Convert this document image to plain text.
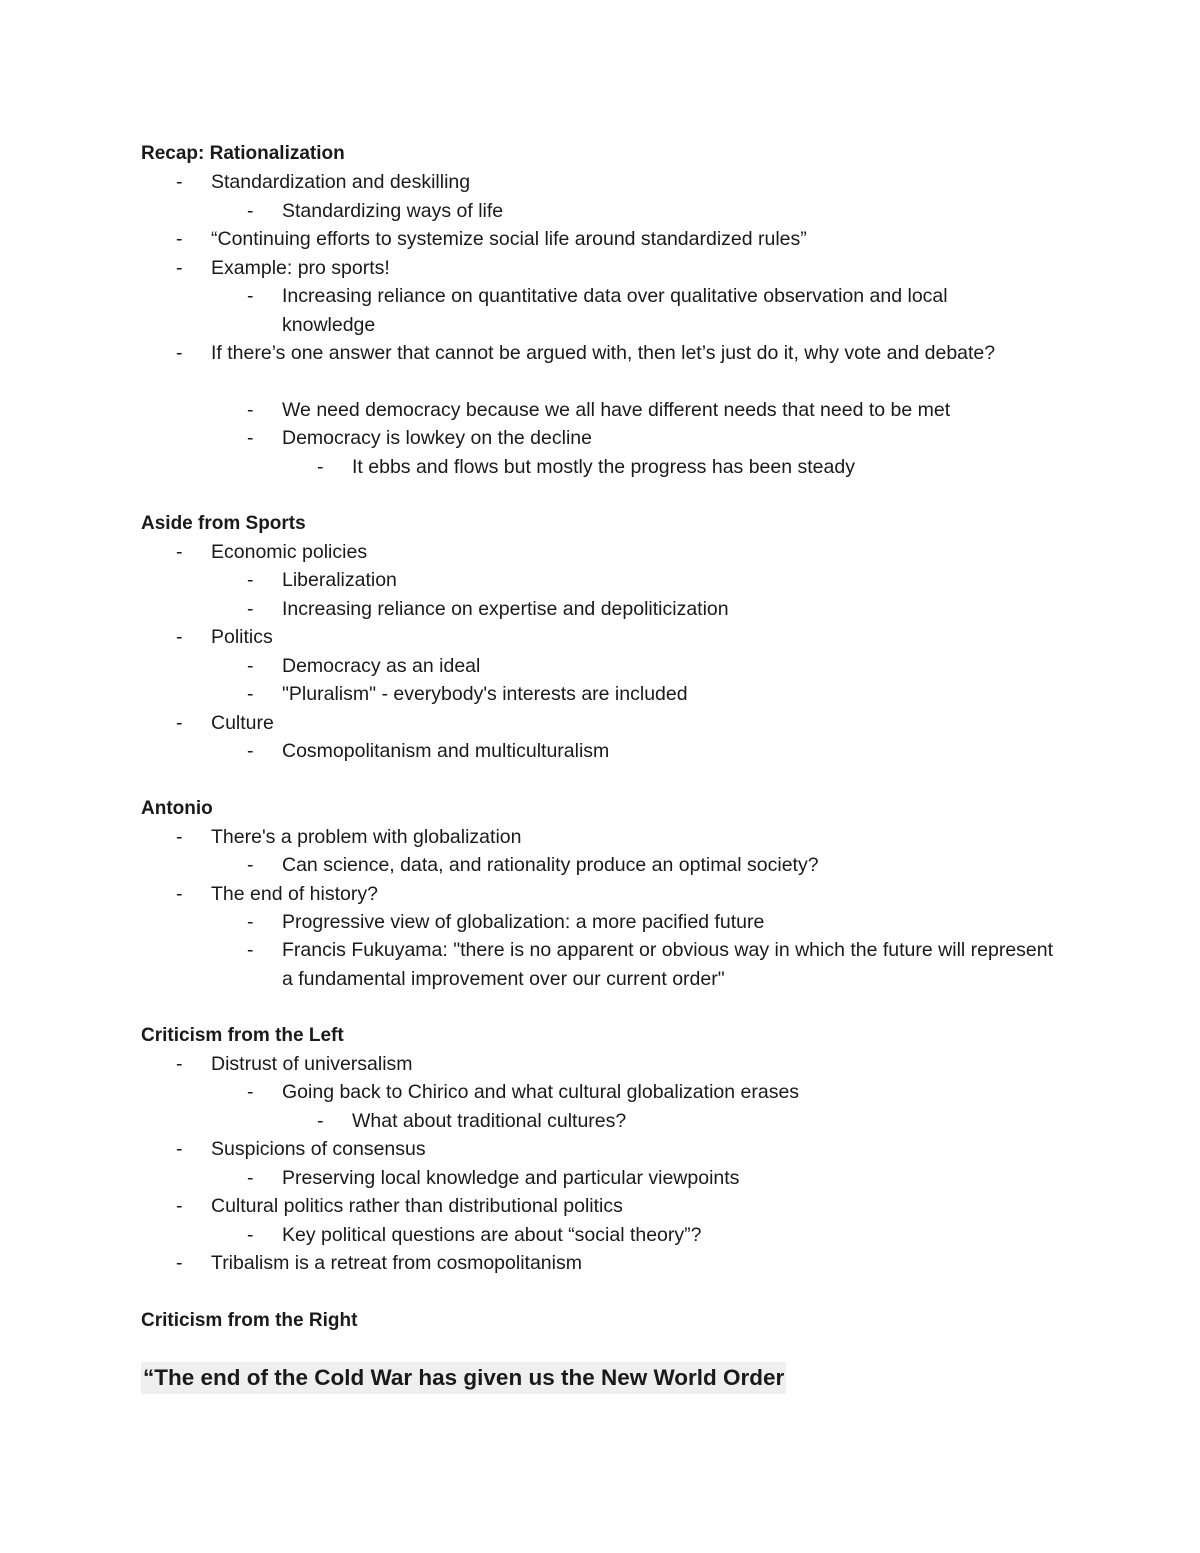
Recap: Rationalization
- Standardization and deskilling
- Standardizing ways of life
- “Continuing efforts to systemize social life around standardized rules”
- Example: pro sports!
- Increasing reliance on quantitative data over qualitative observation and local knowledge
- If there’s one answer that cannot be argued with, then let’s just do it, why vote and debate?
- We need democracy because we all have different needs that need to be met
- Democracy is lowkey on the decline
- It ebbs and flows but mostly the progress has been steady
Aside from Sports
- Economic policies
- Liberalization
- Increasing reliance on expertise and depoliticization
- Politics
- Democracy as an ideal
- "Pluralism" - everybody's interests are included
- Culture
- Cosmopolitanism and multiculturalism
Antonio
- There's a problem with globalization
- Can science, data, and rationality produce an optimal society?
- The end of history?
- Progressive view of globalization: a more pacified future
- Francis Fukuyama: "there is no apparent or obvious way in which the future will represent a fundamental improvement over our current order"
Criticism from the Left
- Distrust of universalism
- Going back to Chirico and what cultural globalization erases
- What about traditional cultures?
- Suspicions of consensus
- Preserving local knowledge and particular viewpoints
- Cultural politics rather than distributional politics
- Key political questions are about “social theory”?
- Tribalism is a retreat from cosmopolitanism
Criticism from the Right
“The end of the Cold War has given us the New World Order
